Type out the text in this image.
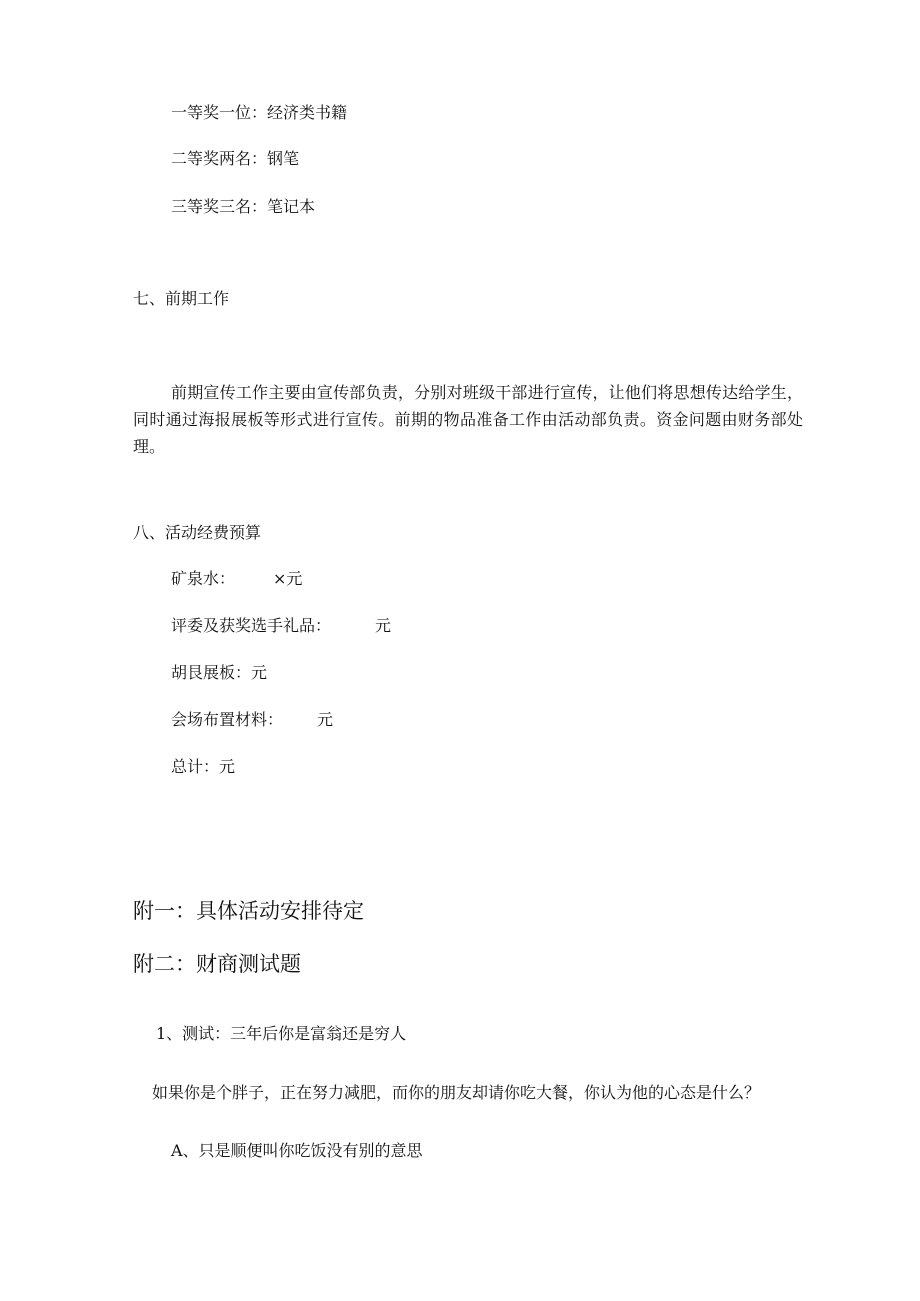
一等奖一位：经济类书籍
二等奖两名：钢笔
三等奖三名：笔记本
七、前期工作
前期宣传工作主要由宣传部负责，分别对班级干部进行宣传，让他们将思想传达给学生，同时通过海报展板等形式进行宣传。前期的物品准备工作由活动部负责。资金问题由财务部处理。
八、活动经费预算
矿泉水： ×元
评委及获奖选手礼品：	元
胡艮展板：元
会场布置材料： 元
总计：元
附一：具体活动安排待定
附二：财商测试题
1、测试：三年后你是富翁还是穷人
如果你是个胖子，正在努力减肥，而你的朋友却请你吃大餐，你认为他的心态是什么？
A、只是顺便叫你吃饭没有别的意思
